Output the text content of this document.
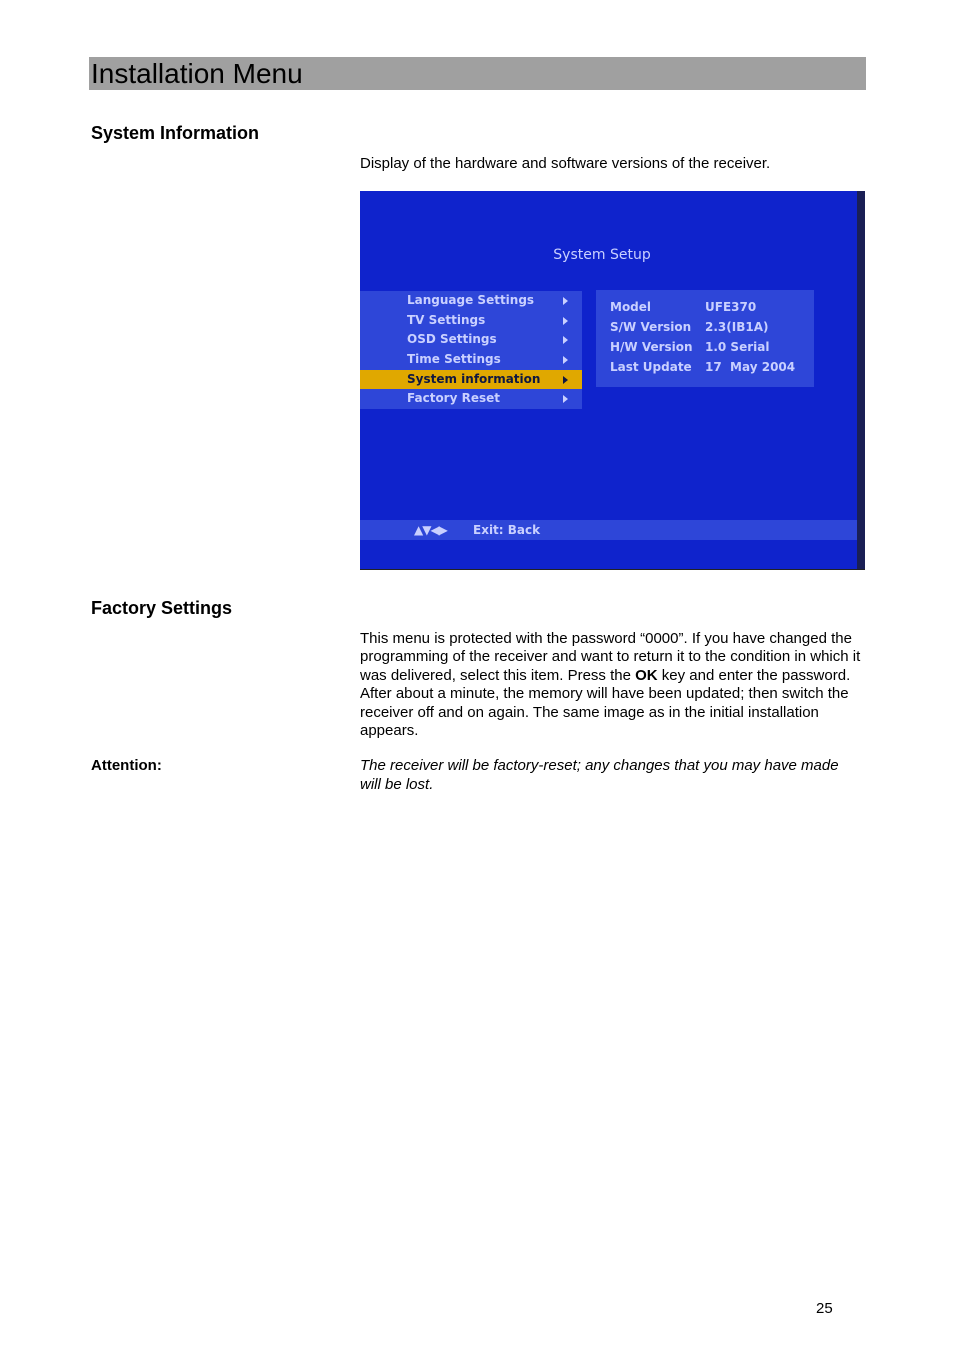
Installation Menu
System Information

Display of the hardware and software versions of the receiver.

System Setup
Language Settings
TV Settings
OSD Settings
Time Settings
System information
Factory Reset
Model	UFE370
S/W Version 2.3(IB1A)
H/W Version 1.0 Serial
Last Update 17  May 2004
▲▼◀▶ Exit: Back
Factory Settings

This menu is protected with the password “0000”. If you have changed the programming of the receiver and want to return it to the condition in which it was delivered, select this item. Press the OK key and enter the password. After about a minute, the memory will have been updated; then switch the receiver off and on again. The same image as in the initial installation appears.

Attention:	The receiver will be factory-reset; any changes that you may have made will be lost.

25
